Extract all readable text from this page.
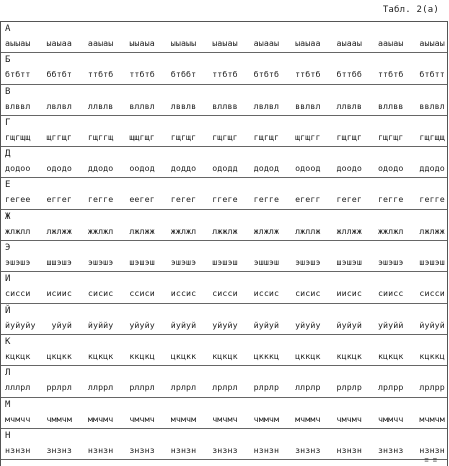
Табл. 2(а)
А
аыыаы ыаыаа ааыаы ыыаыа ыыаыы ыаыаы аыааы ыаыаа аыааы ааыаы аыыаы
Б
бтбтт ббтбт ттбтб ттбтб бтббт ттбтб бтбтб ттбтб бттбб ттбтб бтбтт
В
влввл лвлвл ллвлв вллвл лввлв вллвв лвлвл ввлвл ллвлв вллвв ввлвл
Г
гщгщщ щггщг гщггщ щщгщг гщгщг гщгщг гщгщг щгщгг гщгщг гщгщг гщгщщ
Д
додоо ододо ддодо оодод доддо ододд додод одоод доодо ододо ддодо
Е
гегее еггег гегге еегег гегег ггеге гегге егегг гегег гегге гегге
Ж
жлжлл лжлжж жжлжл лжлжж жжлжл лжжлж жлжлж лжллж жллжж жжлжл лжлжж
Э
эшэшэ шшэшэ эшэшэ шэшэш эшэшэ шэшэш эшшэш эшэшэ шэшэш эшэшэ шэшэш
И
сисси исиис сисис ссиси иссис сисси иссис сисис иисис сиисс сисси
Й
йуйуйу уйуй йуййу уйуйу йуйуй уйуйу йуйуй уйуйу йуйуй уйуйй йуйуй
К
кцкцк цкцкк кцкцк ккцкц цкцкк кцкцк цкккц цккцк кцкцк кцкцк кцккц
Л
лллрл ррлрл ллррл рллрл лрлрл лрлрл рлрлр ллрлр рлрлр лрлрр лрлрр
М
мчмчч чммчм ммчмч чмчмч мчмчм чмчмч чммчм мчммч чмчмч чммчч мчмчм
Н
нзнзн знзнз нзнзн знзнз нзнзн знзнз нзнзн знзнз нзнзн знзнз нзнзн
≡ ≡
